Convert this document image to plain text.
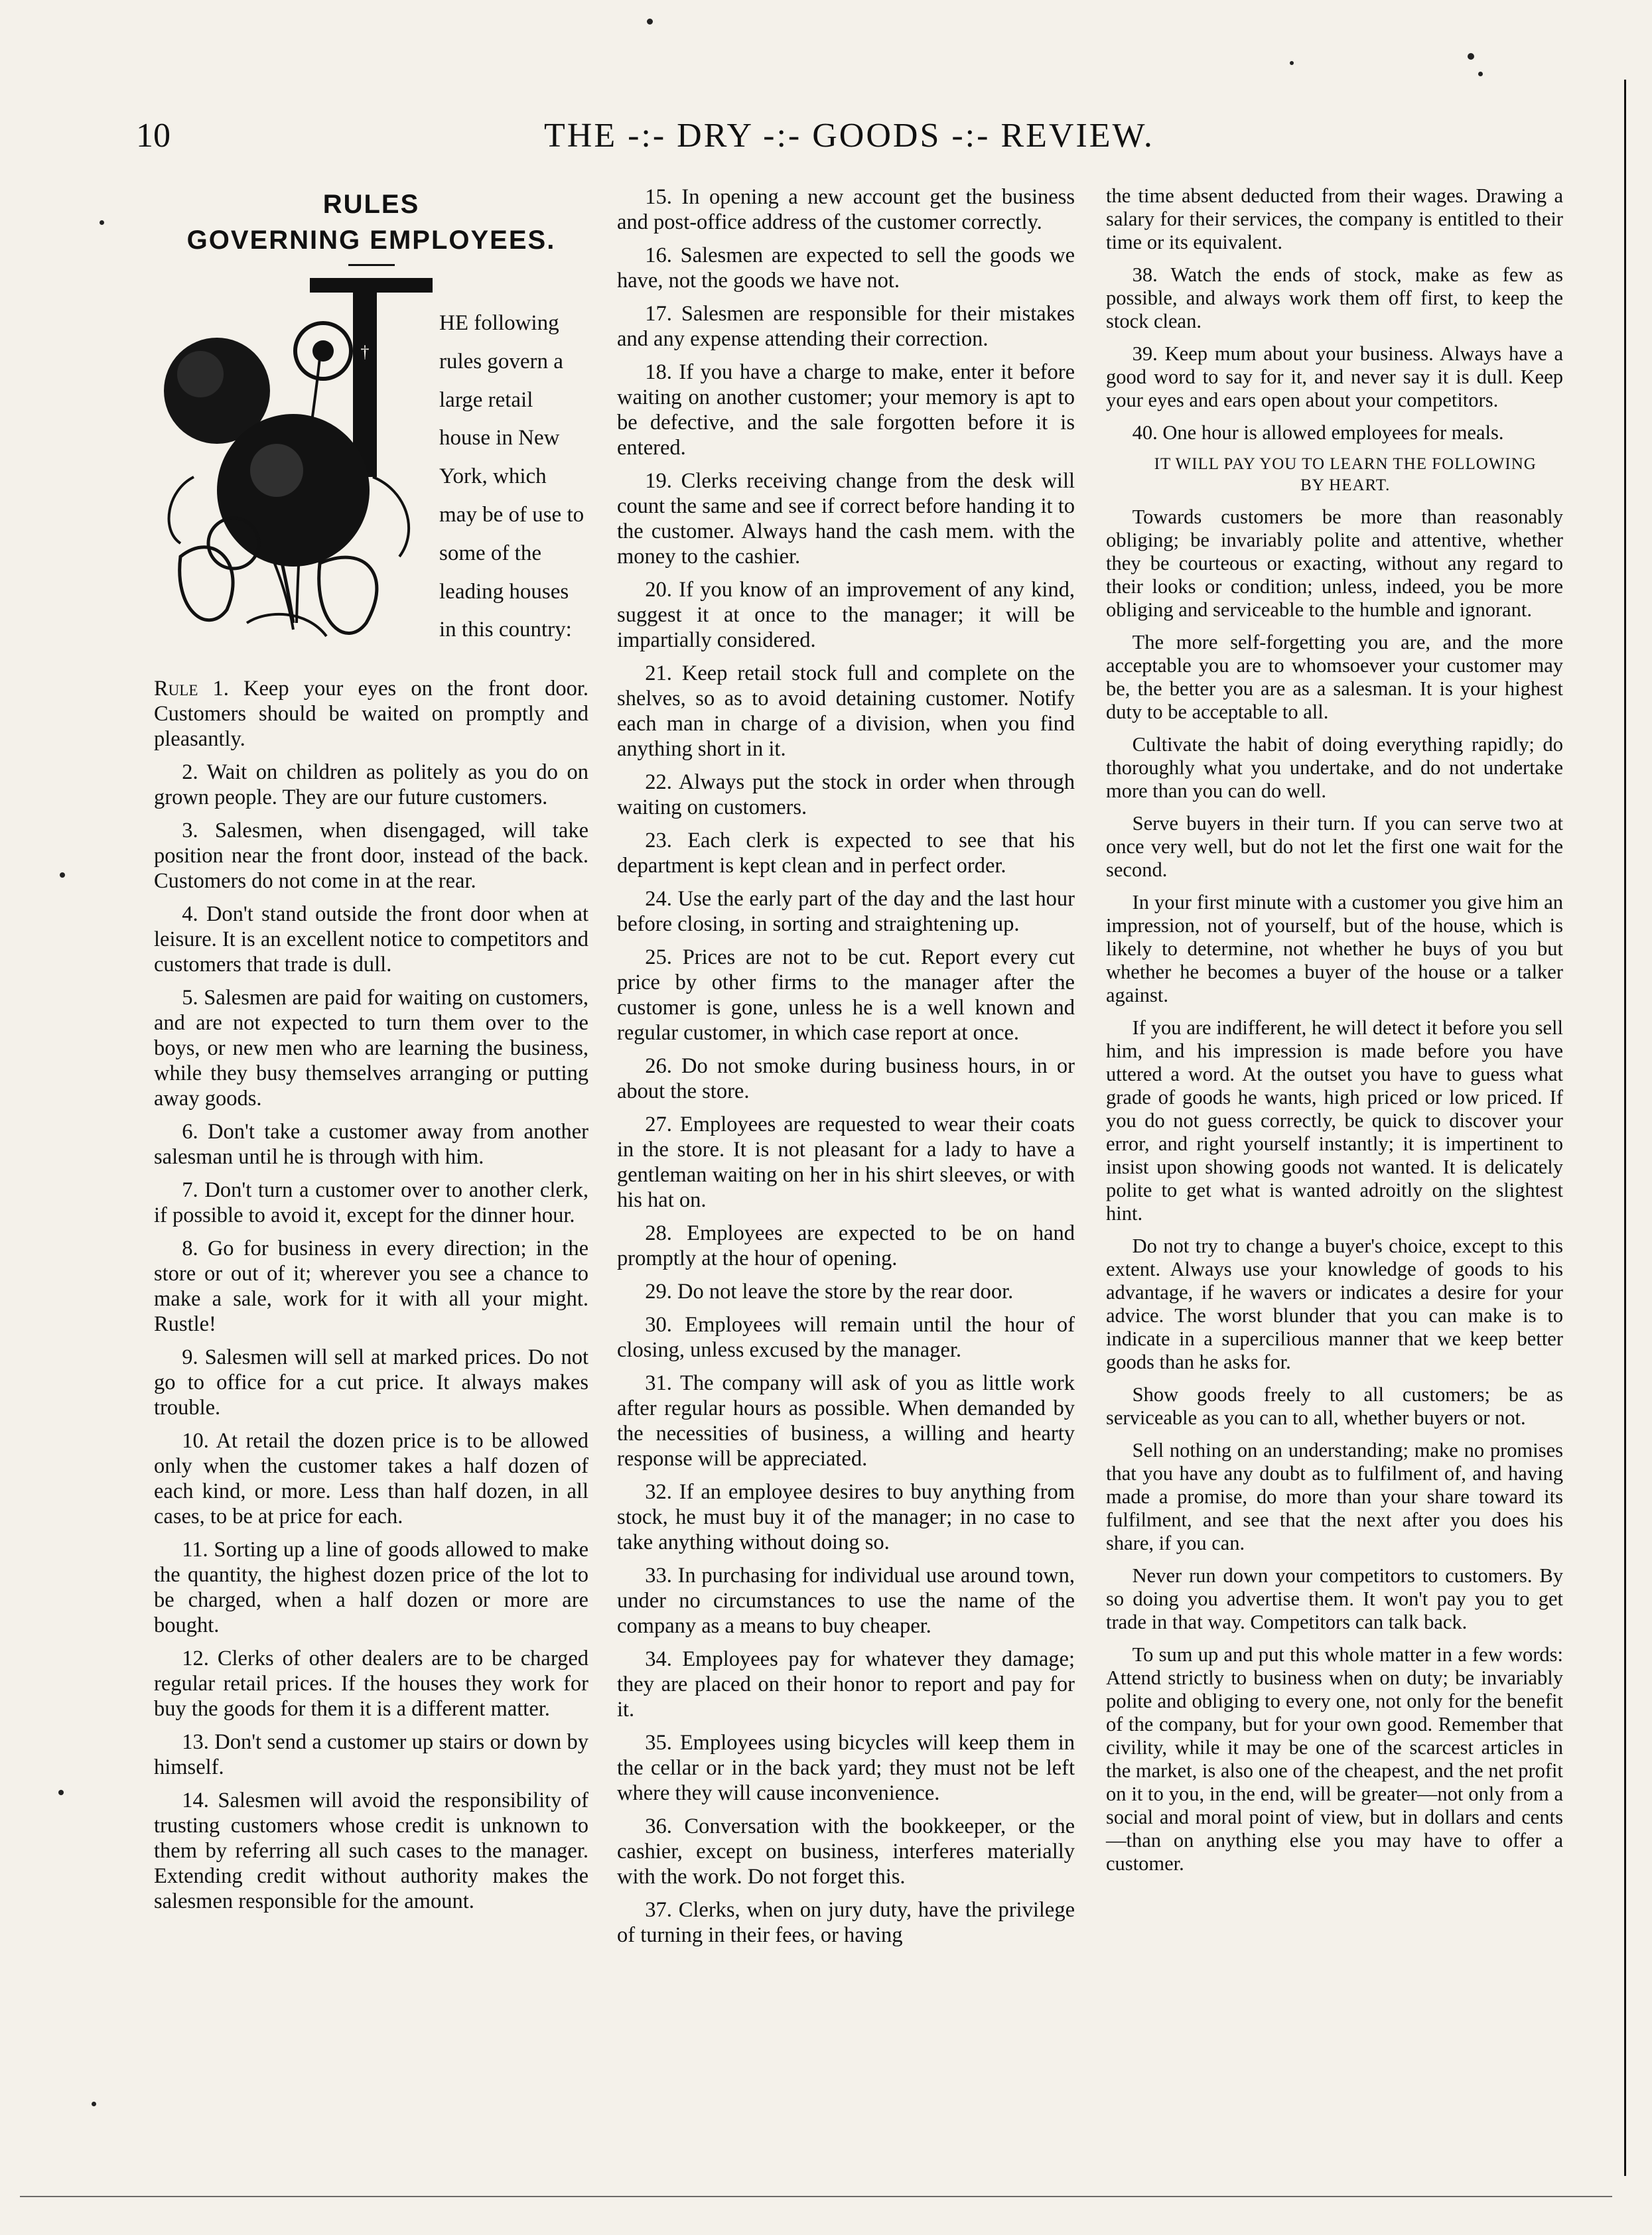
10	THE -:- DRY -:- GOODS -:- REVIEW.
RULES
GOVERNING EMPLOYEES.
†
HE following rules govern a large retail house in New York, which may be of use to some of the leading houses in this country:

Rule 1. Keep your eyes on the front door. Customers should be waited on promptly and pleasantly.

2. Wait on children as politely as you do on grown people. They are our future customers.

3. Salesmen, when disengaged, will take position near the front door, instead of the back. Customers do not come in at the rear.

4. Don't stand outside the front door when at leisure. It is an excellent notice to competitors and customers that trade is dull.

5. Salesmen are paid for waiting on customers, and are not expected to turn them over to the boys, or new men who are learning the business, while they busy themselves arranging or putting away goods.

6. Don't take a customer away from another salesman until he is through with him.

7. Don't turn a customer over to another clerk, if possible to avoid it, except for the dinner hour.

8. Go for business in every direction; in the store or out of it; wherever you see a chance to make a sale, work for it with all your might. Rustle!

9. Salesmen will sell at marked prices. Do not go to office for a cut price. It always makes trouble.

10. At retail the dozen price is to be allowed only when the customer takes a half dozen of each kind, or more. Less than half dozen, in all cases, to be at price for each.

11. Sorting up a line of goods allowed to make the quantity, the highest dozen price of the lot to be charged, when a half dozen or more are bought.

12. Clerks of other dealers are to be charged regular retail prices. If the houses they work for buy the goods for them it is a different matter.

13. Don't send a customer up stairs or down by himself.

14. Salesmen will avoid the responsibility of trusting customers whose credit is unknown to them by referring all such cases to the manager. Extending credit without authority makes the salesmen responsible for the amount.

15. In opening a new account get the business and post-office address of the customer correctly.

16. Salesmen are expected to sell the goods we have, not the goods we have not.

17. Salesmen are responsible for their mistakes and any expense attending their correction.

18. If you have a charge to make, enter it before waiting on another customer; your memory is apt to be defective, and the sale forgotten before it is entered.

19. Clerks receiving change from the desk will count the same and see if correct before handing it to the customer. Always hand the cash mem. with the money to the cashier.

20. If you know of an improvement of any kind, suggest it at once to the manager; it will be impartially considered.

21. Keep retail stock full and complete on the shelves, so as to avoid detaining customer. Notify each man in charge of a division, when you find anything short in it.

22. Always put the stock in order when through waiting on customers.

23. Each clerk is expected to see that his department is kept clean and in perfect order.

24. Use the early part of the day and the last hour before closing, in sorting and straightening up.

25. Prices are not to be cut. Report every cut price by other firms to the manager after the customer is gone, unless he is a well known and regular customer, in which case report at once.

26. Do not smoke during business hours, in or about the store.

27. Employees are requested to wear their coats in the store. It is not pleasant for a lady to have a gentleman waiting on her in his shirt sleeves, or with his hat on.

28. Employees are expected to be on hand promptly at the hour of opening.

29. Do not leave the store by the rear door.

30. Employees will remain until the hour of closing, unless excused by the manager.

31. The company will ask of you as little work after regular hours as possible. When demanded by the necessities of business, a willing and hearty response will be appreciated.

32. If an employee desires to buy anything from stock, he must buy it of the manager; in no case to take anything without doing so.

33. In purchasing for individual use around town, under no circumstances to use the name of the company as a means to buy cheaper.

34. Employees pay for whatever they damage; they are placed on their honor to report and pay for it.

35. Employees using bicycles will keep them in the cellar or in the back yard; they must not be left where they will cause inconvenience.

36. Conversation with the bookkeeper, or the cashier, except on business, interferes materially with the work. Do not forget this.

37. Clerks, when on jury duty, have the privilege of turning in their fees, or having

the time absent deducted from their wages. Drawing a salary for their services, the company is entitled to their time or its equivalent.

38. Watch the ends of stock, make as few as possible, and always work them off first, to keep the stock clean.

39. Keep mum about your business. Always have a good word to say for it, and never say it is dull. Keep your eyes and ears open about your competitors.

40. One hour is allowed employees for meals.

IT WILL PAY YOU TO LEARN THE FOLLOWING
BY HEART.

Towards customers be more than reasonably obliging; be invariably polite and attentive, whether they be courteous or exacting, without any regard to their looks or condition; unless, indeed, you be more obliging and serviceable to the humble and ignorant.

The more self-forgetting you are, and the more acceptable you are to whomsoever your customer may be, the better you are as a salesman. It is your highest duty to be acceptable to all.

Cultivate the habit of doing everything rapidly; do thoroughly what you undertake, and do not undertake more than you can do well.

Serve buyers in their turn. If you can serve two at once very well, but do not let the first one wait for the second.

In your first minute with a customer you give him an impression, not of yourself, but of the house, which is likely to determine, not whether he buys of you but whether he becomes a buyer of the house or a talker against.

If you are indifferent, he will detect it before you sell him, and his impression is made before you have uttered a word. At the outset you have to guess what grade of goods he wants, high priced or low priced. If you do not guess correctly, be quick to discover your error, and right yourself instantly; it is impertinent to insist upon showing goods not wanted. It is delicately polite to get what is wanted adroitly on the slightest hint.

Do not try to change a buyer's choice, except to this extent. Always use your knowledge of goods to his advantage, if he wavers or indicates a desire for your advice. The worst blunder that you can make is to indicate in a supercilious manner that we keep better goods than he asks for.

Show goods freely to all customers; be as serviceable as you can to all, whether buyers or not.

Sell nothing on an understanding; make no promises that you have any doubt as to fulfilment of, and having made a promise, do more than your share toward its fulfilment, and see that the next after you does his share, if you can.

Never run down your competitors to customers. By so doing you advertise them. It won't pay you to get trade in that way. Competitors can talk back.

To sum up and put this whole matter in a few words: Attend strictly to business when on duty; be invariably polite and obliging to every one, not only for the benefit of the company, but for your own good. Remember that civility, while it may be one of the scarcest articles in the market, is also one of the cheapest, and the net profit on it to you, in the end, will be greater—not only from a social and moral point of view, but in dollars and cents—than on anything else you may have to offer a customer.
